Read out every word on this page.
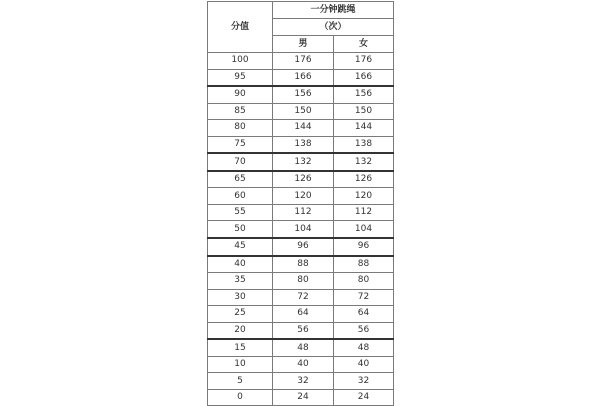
分值	一分钟跳绳	
	（次）	
	男	女
100	176	176
95	166	166
90	156	156
85	150	150
80	144	144
75	138	138
70	132	132
65	126	126
60	120	120
55	112	112
50	104	104
45	96	96
40	88	88
35	80	80
30	72	72
25	64	64
20	56	56
15	48	48
10	40	40
5	32	32
0	24	24
